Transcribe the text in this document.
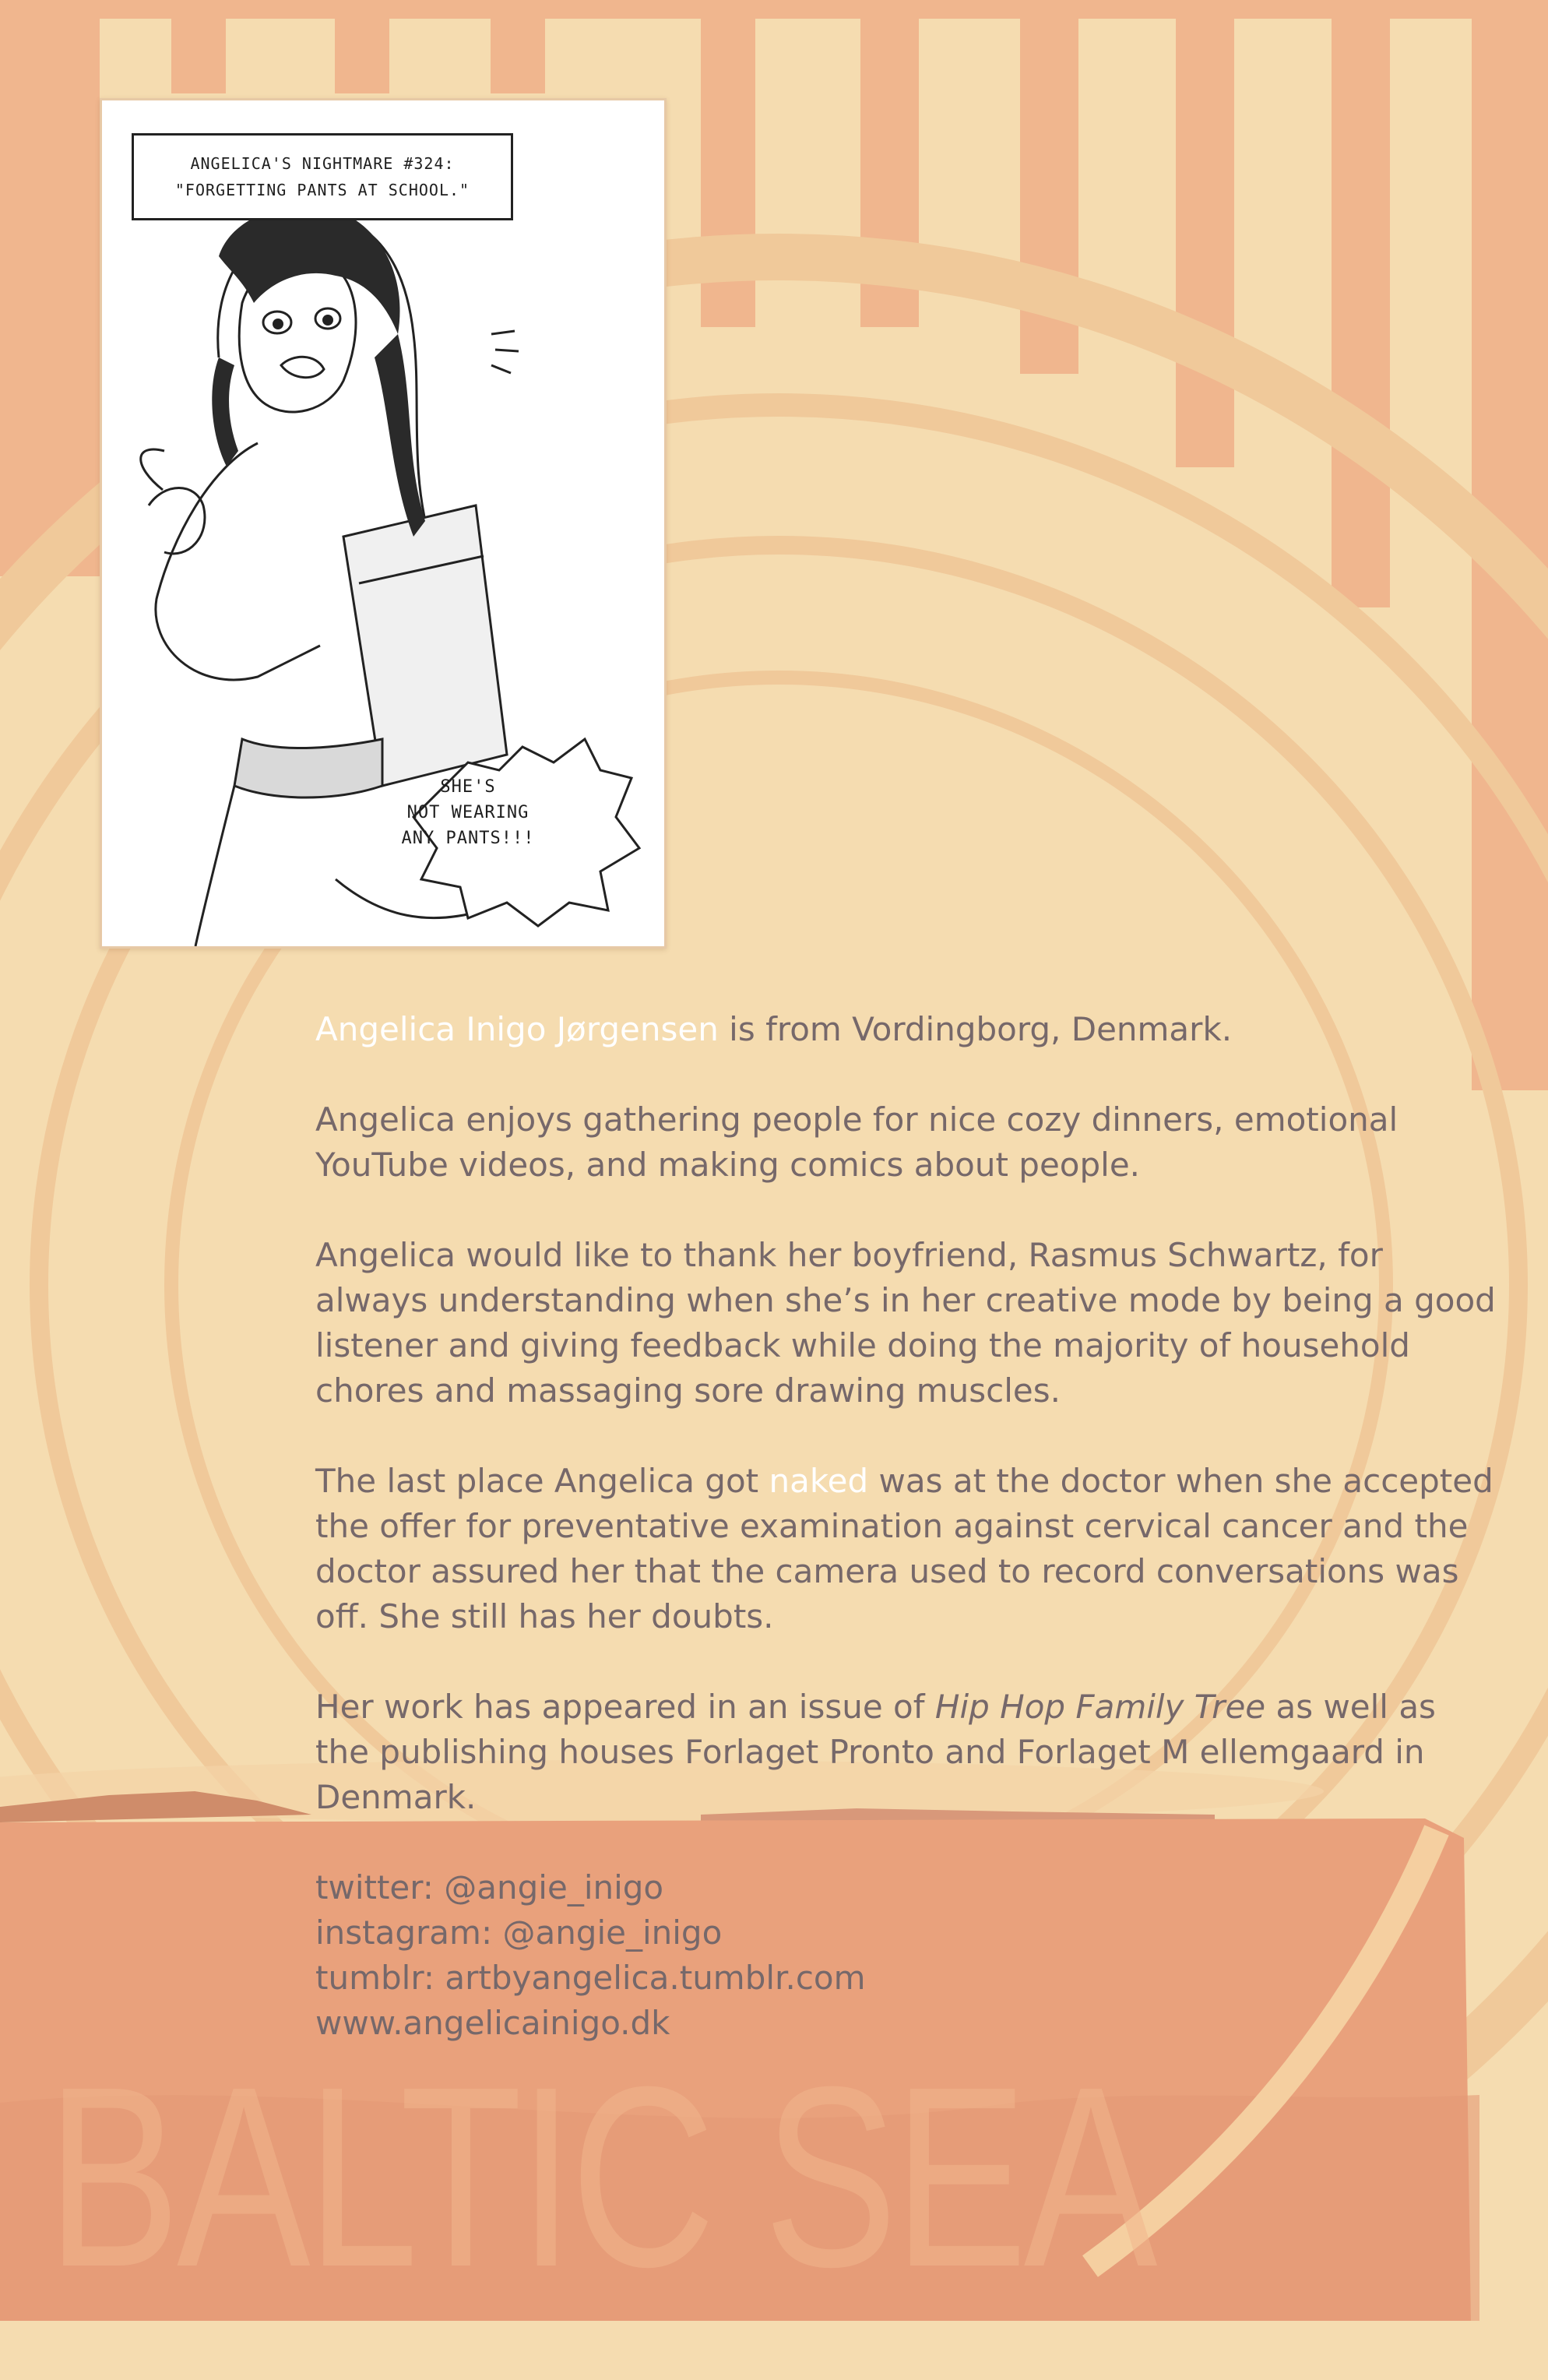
ANGELICA'S NIGHTMARE #324:
"FORGETTING PANTS AT SCHOOL."
SHE'S
NOT WEARING
ANY PANTS!!!

Angelica Inigo Jørgensen is from Vordingborg, Denmark.

Angelica enjoys gathering people for nice cozy dinners, emotional YouTube videos, and making comics about people.

Angelica would like to thank her boyfriend, Rasmus Schwartz, for always understanding when she’s in her creative mode by being a good listener and giving feedback while doing the majority of household chores and massaging sore drawing muscles.

The last place Angelica got naked was at the doctor when she accepted the offer for preventative examination against cervical cancer and the doctor assured her that the camera used to record conversations was off. She still has her doubts.

Her work has appeared in an issue of Hip Hop Family Tree as well as the publishing houses Forlaget Pronto and Forlaget M ellemgaard in Denmark.

twitter: @angie_inigo
instagram: @angie_inigo
tumblr: artbyangelica.tumblr.com
www.angelicainigo.dk
BALTIC SEA
